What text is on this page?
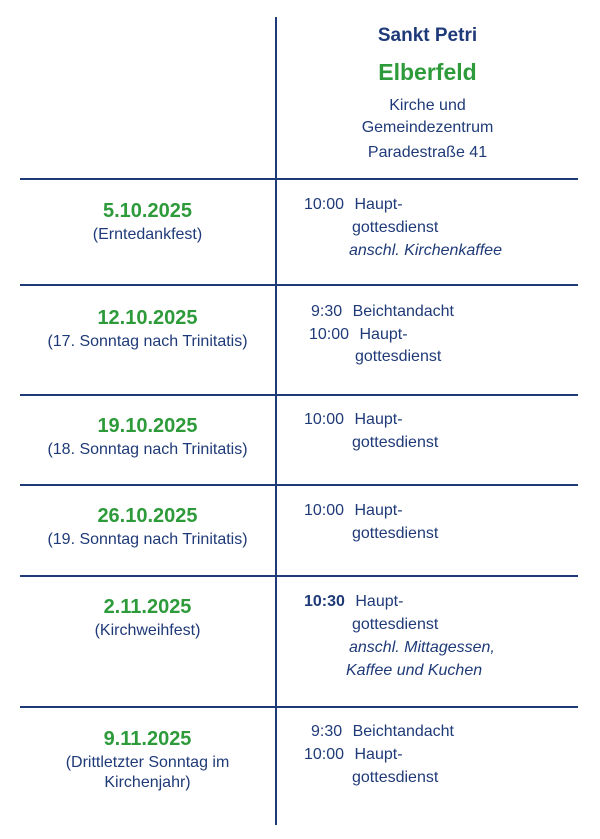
Sankt Petri
Elberfeld
Kirche und
Gemeindezentrum
Paradestraße 41
5.10.2025
(Erntedankfest)
10:00 Haupt-
gottesdienst
anschl. Kirchenkaffee
12.10.2025
(17. Sonntag nach Trinitatis)
9:30 Beichtandacht
10:00 Haupt-
gottesdienst
19.10.2025
(18. Sonntag nach Trinitatis)
10:00 Haupt-
gottesdienst
26.10.2025
(19. Sonntag nach Trinitatis)
10:00 Haupt-
gottesdienst
2.11.2025
(Kirchweihfest)
10:30 Haupt-
gottesdienst
anschl. Mittagessen,
Kaffee und Kuchen
9.11.2025
(Drittletzter Sonntag im
Kirchenjahr)
9:30 Beichtandacht
10:00 Haupt-
gottesdienst
